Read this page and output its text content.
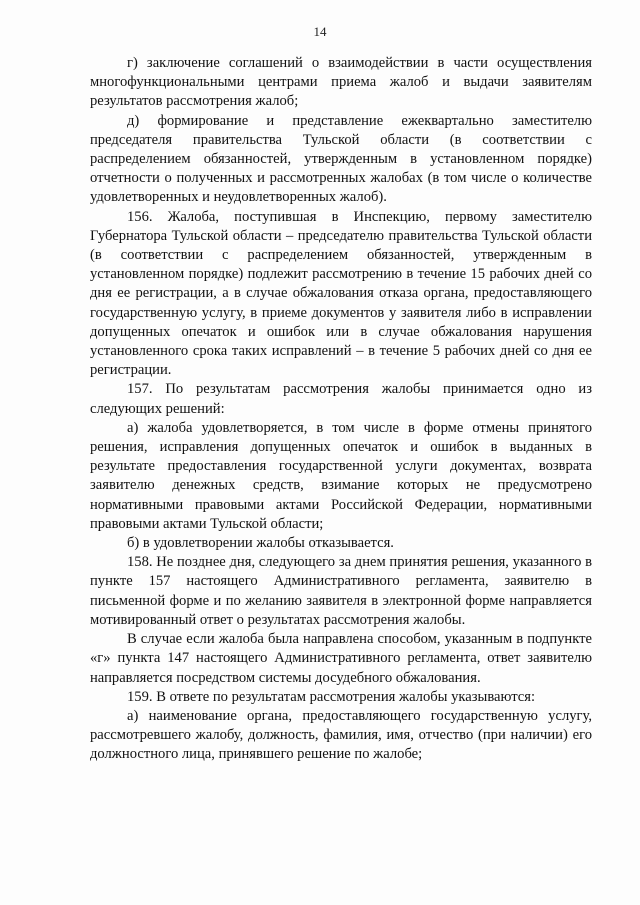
14

г) заключение соглашений о взаимодействии в части осуществления многофункциональными центрами приема жалоб и выдачи заявителям результатов рассмотрения жалоб;

д) формирование и представление ежеквартально заместителю председателя правительства Тульской области (в соответствии с распределением обязанностей, утвержденным в установленном порядке) отчетности о полученных и рассмотренных жалобах (в том числе о количестве удовлетворенных и неудовлетворенных жалоб).

156. Жалоба, поступившая в Инспекцию, первому заместителю Губернатора Тульской области – председателю правительства Тульской области (в соответствии с распределением обязанностей, утвержденным в установленном порядке) подлежит рассмотрению в течение 15 рабочих дней со дня ее регистрации, а в случае обжалования отказа органа, предоставляющего государственную услугу, в приеме документов у заявителя либо в исправлении допущенных опечаток и ошибок или в случае обжалования нарушения установленного срока таких исправлений – в течение 5 рабочих дней со дня ее регистрации.

157. По результатам рассмотрения жалобы принимается одно из следующих решений:

а) жалоба удовлетворяется, в том числе в форме отмены принятого решения, исправления допущенных опечаток и ошибок в выданных в результате предоставления государственной услуги документах, возврата заявителю денежных средств, взимание которых не предусмотрено нормативными правовыми актами Российской Федерации, нормативными правовыми актами Тульской области;

б) в удовлетворении жалобы отказывается.

158. Не позднее дня, следующего за днем принятия решения, указанного в пункте 157 настоящего Административного регламента, заявителю в письменной форме и по желанию заявителя в электронной форме направляется мотивированный ответ о результатах рассмотрения жалобы.

В случае если жалоба была направлена способом, указанным в подпункте «г» пункта 147 настоящего Административного регламента, ответ заявителю направляется посредством системы досудебного обжалования.

159. В ответе по результатам рассмотрения жалобы указываются:

а) наименование органа, предоставляющего государственную услугу, рассмотревшего жалобу, должность, фамилия, имя, отчество (при наличии) его должностного лица, принявшего решение по жалобе;
